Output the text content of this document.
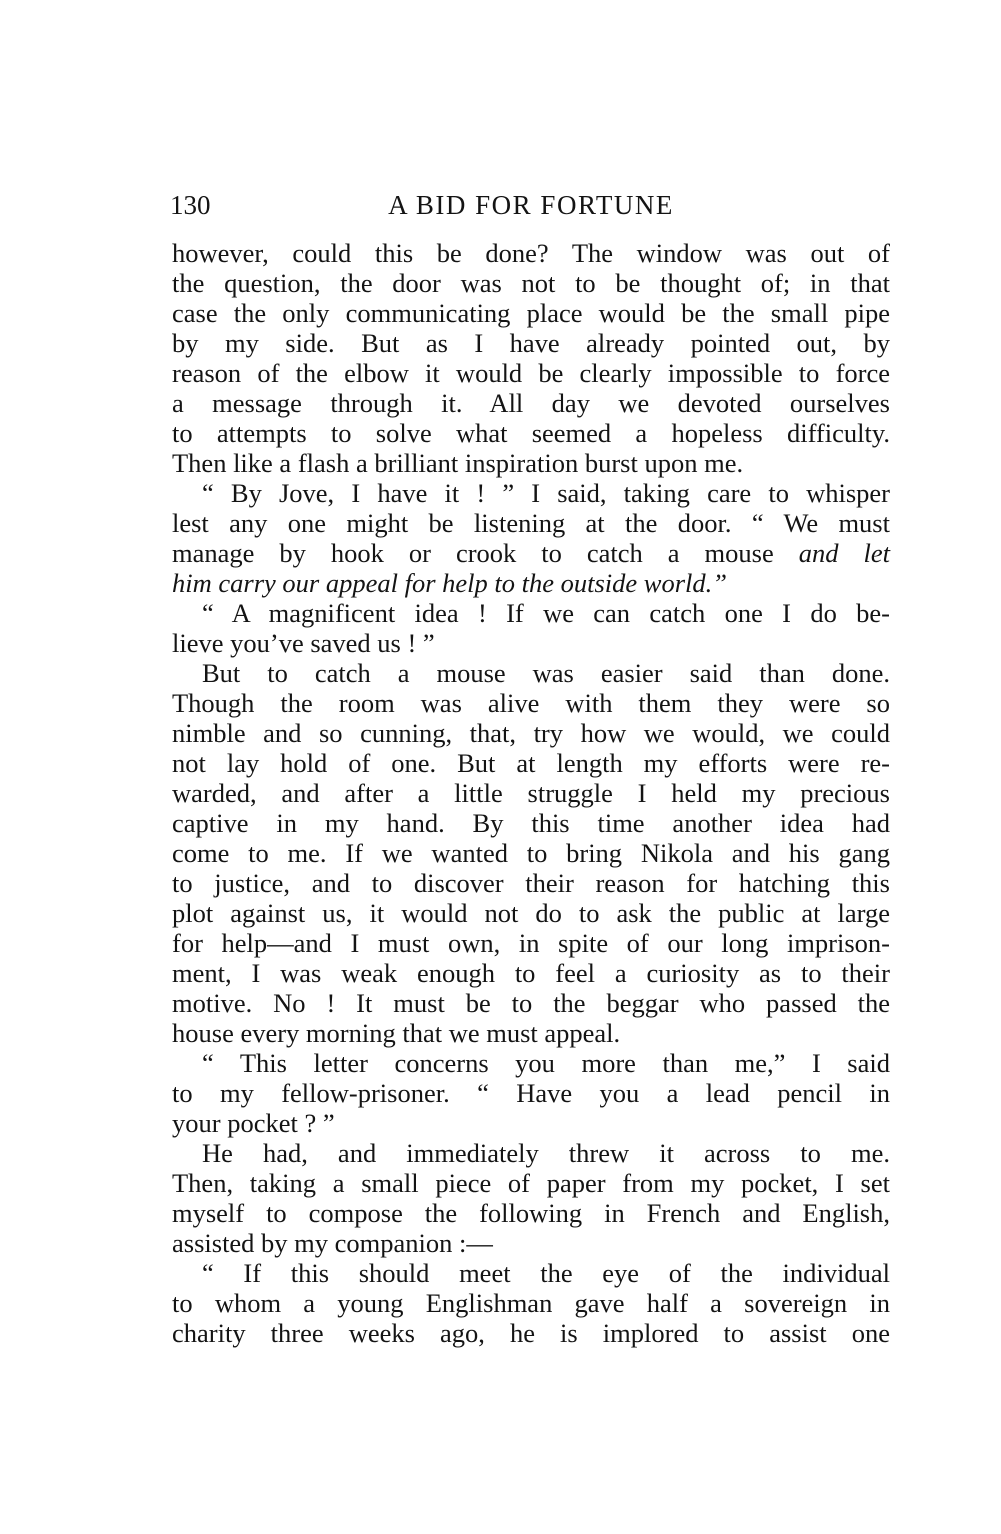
130	A BID FOR FORTUNE
however, could this be done? The window was out of
the question, the door was not to be thought of; in that
case the only communicating place would be the small pipe
by my side. But as I have already pointed out, by
reason of the elbow it would be clearly impossible to force
a message through it. All day we devoted ourselves
to attempts to solve what seemed a hopeless difficulty.
Then like a flash a brilliant inspiration burst upon me.
“ By Jove, I have it ! ” I said, taking care to whisper
lest any one might be listening at the door. “ We must
manage by hook or crook to catch a mouse and let
him carry our appeal for help to the outside world.”
“ A magnificent idea ! If we can catch one I do be-
lieve you’ve saved us ! ”
But to catch a mouse was easier said than done.
Though the room was alive with them they were so
nimble and so cunning, that, try how we would, we could
not lay hold of one. But at length my efforts were re-
warded, and after a little struggle I held my precious
captive in my hand. By this time another idea had
come to me. If we wanted to bring Nikola and his gang
to justice, and to discover their reason for hatching this
plot against us, it would not do to ask the public at large
for help—and I must own, in spite of our long imprison-
ment, I was weak enough to feel a curiosity as to their
motive. No ! It must be to the beggar who passed the
house every morning that we must appeal.
“ This letter concerns you more than me,” I said
to my fellow-prisoner. “ Have you a lead pencil in
your pocket ? ”
He had, and immediately threw it across to me.
Then, taking a small piece of paper from my pocket, I set
myself to compose the following in French and English,
assisted by my companion :—
“ If this should meet the eye of the individual
to whom a young Englishman gave half a sovereign in
charity three weeks ago, he is implored to assist one
